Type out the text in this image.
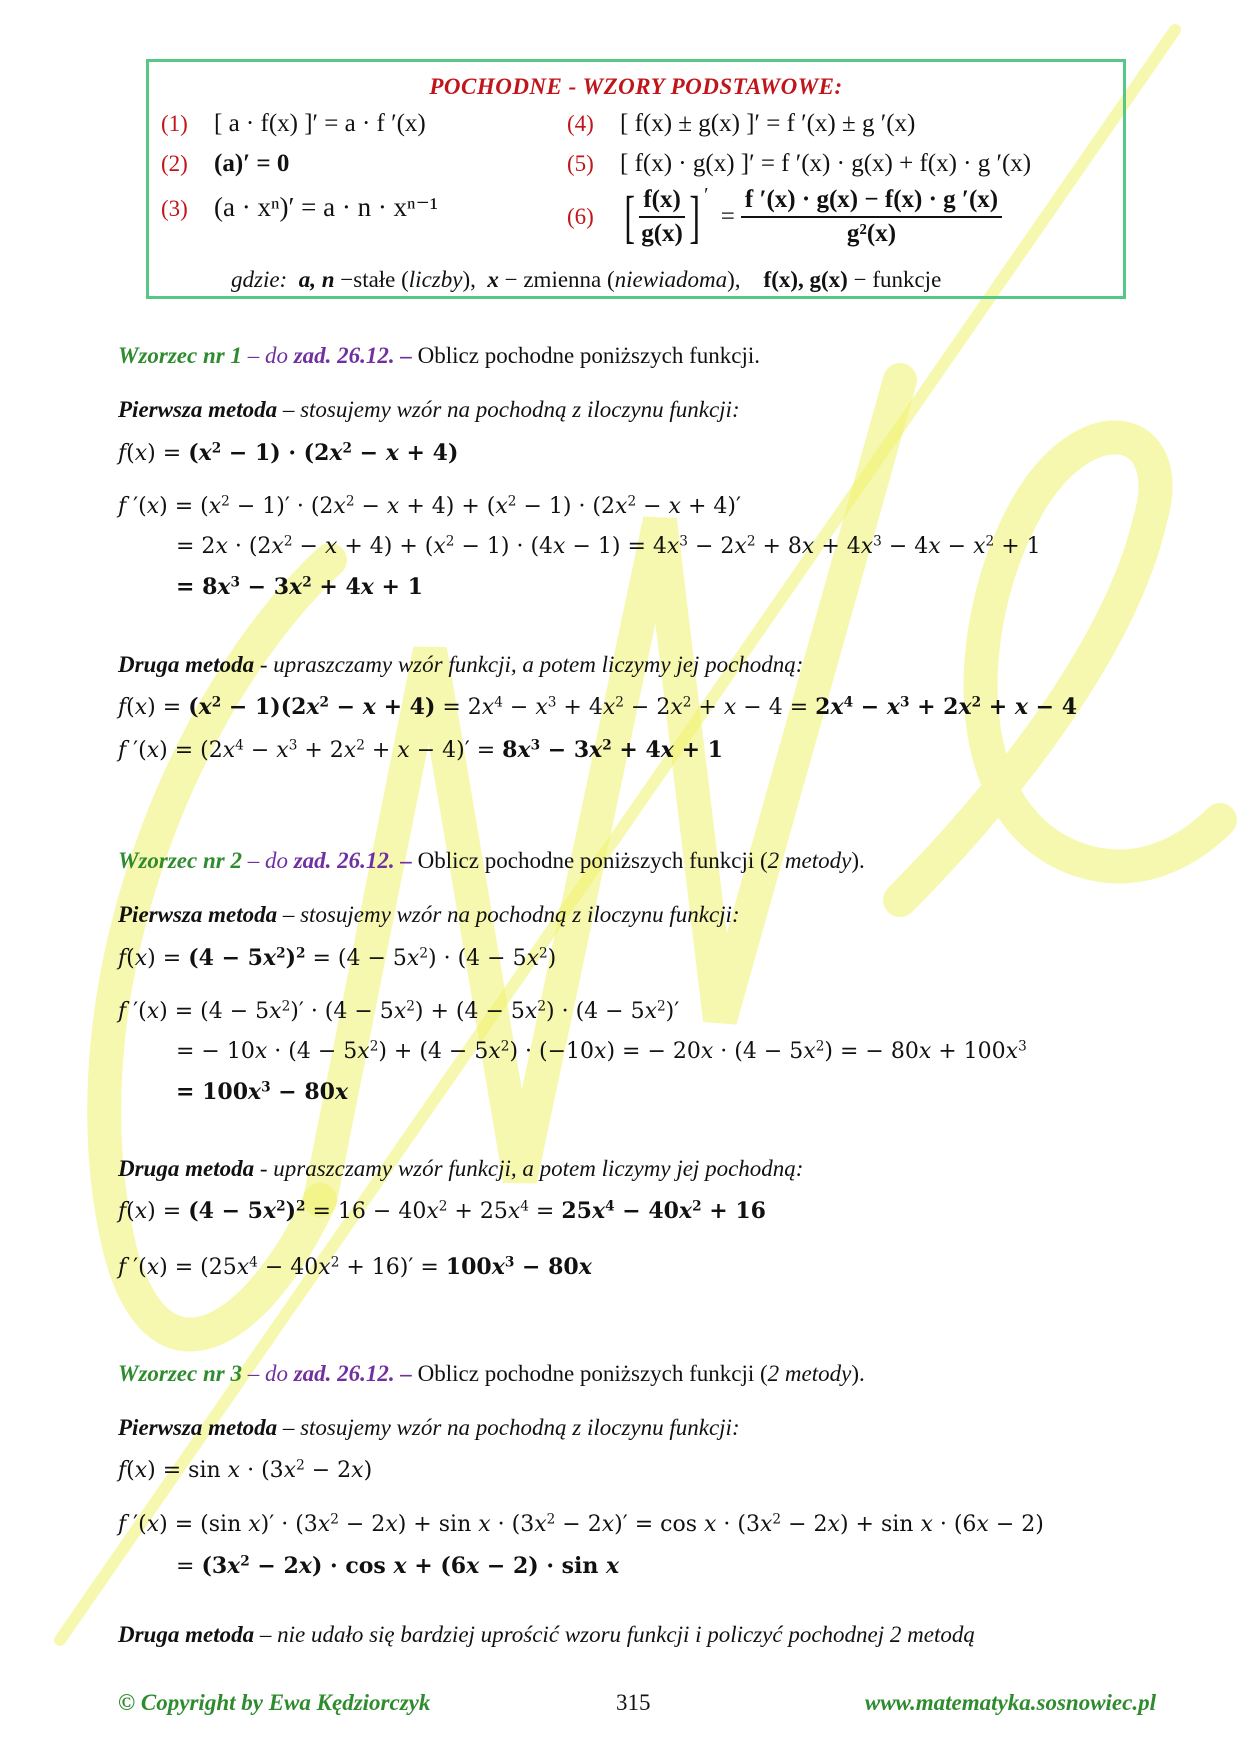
POCHODNE - WZORY PODSTAWOWE:
(1) [ a · f(x) ]′ = a · f ′(x)
(2) (a)′ = 0
(3) (a · xⁿ)′ = a · n · xⁿ⁻¹
(4) [ f(x) ± g(x) ]′ = f ′(x) ± g ′(x)
(5) [ f(x) · g(x) ]′ = f ′(x) · g(x) + f(x) · g ′(x)
(6) [ $\frac{f(x)}{g(x)}$ ] $' = \frac{f '(x) \cdot g(x) - f(x) \cdot g '(x)}{\text{g²(x)}}$
gdzie: a, n −stałe (liczby), x − zmienna (niewiadoma), f(x), g(x) − funkcje
Wzorzec nr 1 – do zad. 26.12. – Oblicz pochodne poniższych funkcji.
Pierwsza metoda – stosujemy wzór na pochodną z iloczynu funkcji:
$f(x) = (x^2 - 1) \cdot (2x^2 - x + 4)$
f $'(x) = (x^2 - 1)' \cdot (2x^2 - x + 4) + (x^2 - 1) \cdot (2x^2 - x + 4)'$
= $2x \cdot (2x^2 - x + 4) + (x^2 - 1) \cdot (4x - 1) = 4x^3 - 2x^2 + 8x + 4x^3 - 4x - x^2 + 1$
= $8x^3 - 3x^2 + 4x + 1$
Druga metoda - upraszczamy wzór funkcji, a potem liczymy jej pochodną:
$f(x) = (x^2 - 1)(2x^2 - x + 4) = 2x^4 - x^3 + 4x^2 - 2x^2 + x - 4 = 2x^4 - x^3 + 2x^2 + x - 4$
f $'(x) = (2x^4 - x^3 + 2x^2 + x - 4)' = 8x^3 - 3x^2 + 4x + 1$
Wzorzec nr 2 – do zad. 26.12. – Oblicz pochodne poniższych funkcji (2 metody).
Pierwsza metoda – stosujemy wzór na pochodną z iloczynu funkcji:
$f(x) = (4 - 5x^2)^2 = (4 - 5x^2) \cdot (4 - 5x^2)$
f $'(x) = (4 - 5x^2)' \cdot (4 - 5x^2) + (4 - 5x^2) \cdot (4 - 5x^2)'$
= − $10x \cdot (4 - 5x^2) + (4 - 5x^2) \cdot (-10x)$ = − $20x \cdot (4 - 5x^2)$ = − $80x + 100x^3$
= $100x^3 - 80x$
Druga metoda - upraszczamy wzór funkcji, a potem liczymy jej pochodną:
$f(x) = (4 - 5x^2)^2 = 16 - 40x^2 + 25x^4 = 25x^4 - 40x^2 + 16$
f $'(x) = (25x^4 - 40x^2 + 16)' = 100x^3 - 80x$
Wzorzec nr 3 – do zad. 26.12. – Oblicz pochodne poniższych funkcji (2 metody).
Pierwsza metoda – stosujemy wzór na pochodną z iloczynu funkcji:
$f(x) = \sin x \cdot (3x^2 - 2x)$
f ′(x) = (sin $x)' \cdot (3x^2 - 2x) + \sin x \cdot (3x^2 - 2x)' = \cos x \cdot (3x^2 - 2x) + \sin x \cdot (6x - 2)$
= $(3x^2 - 2x) \cdot \cos x + (6x - 2) \cdot \sin x$
Druga metoda – nie udało się bardziej uprościć wzoru funkcji i policzyć pochodnej 2 metodą
© Copyright by Ewa Kędziorczyk	315	www.matematyka.sosnowiec.pl
